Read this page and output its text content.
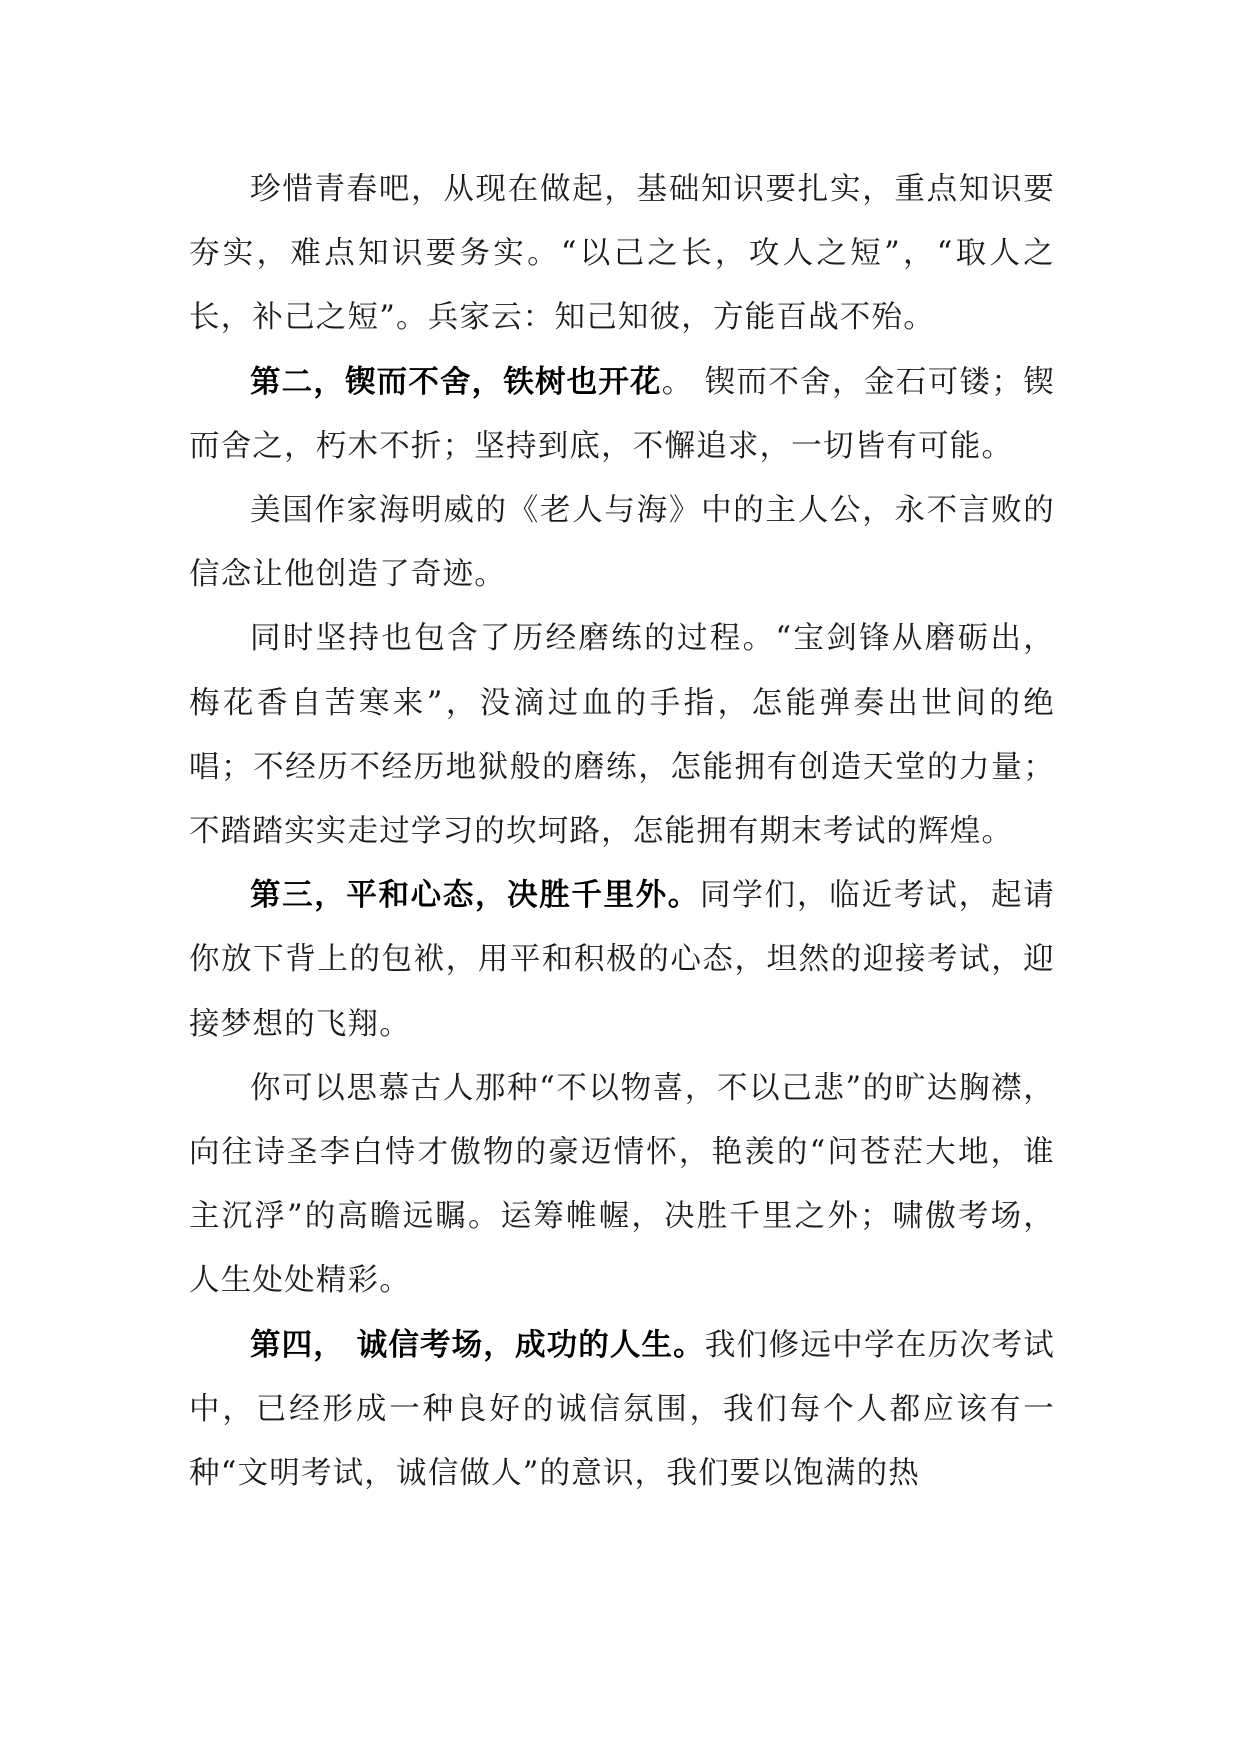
珍惜青春吧，从现在做起，基础知识要扎实，重点知识要夯实，难点知识要务实。“以己之长，攻人之短”，“取人之长，补己之短”。兵家云：知己知彼，方能百战不殆。

第二，锲而不舍，铁树也开花。 锲而不舍，金石可镂；锲而舍之，朽木不折；坚持到底，不懈追求，一切皆有可能。

美国作家海明威的《老人与海》中的主人公，永不言败的信念让他创造了奇迹。

同时坚持也包含了历经磨练的过程。“宝剑锋从磨砺出，梅花香自苦寒来”，没滴过血的手指，怎能弹奏出世间的绝唱；不经历不经历地狱般的磨练，怎能拥有创造天堂的力量；不踏踏实实走过学习的坎坷路，怎能拥有期末考试的辉煌。

第三，平和心态，决胜千里外。同学们，临近考试，起请你放下背上的包袱，用平和积极的心态，坦然的迎接考试，迎接梦想的飞翔。

你可以思慕古人那种“不以物喜，不以己悲”的旷达胸襟，向往诗圣李白恃才傲物的豪迈情怀，艳羡的“问苍茫大地，谁主沉浮”的高瞻远瞩。运筹帷幄，决胜千里之外；啸傲考场，人生处处精彩。

第四， 诚信考场，成功的人生。我们修远中学在历次考试中，已经形成一种良好的诚信氛围，我们每个人都应该有一种“文明考试，诚信做人”的意识，我们要以饱满的热
